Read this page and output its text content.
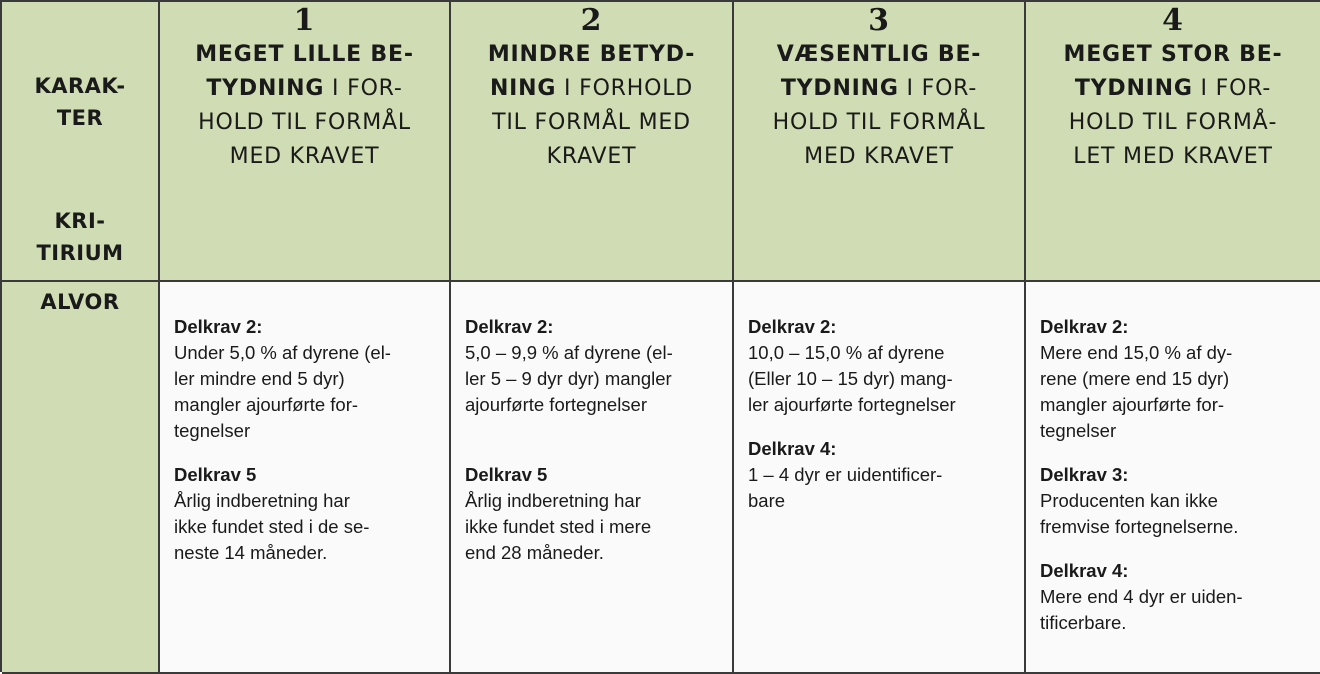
KARAK-
TER
KRI-
TIRIUM
1
MEGET LILLE BE-
TYDNING I FOR-
HOLD TIL FORMÅL
MED KRAVET
2
MINDRE BETYD-
NING I FORHOLD
TIL FORMÅL MED
KRAVET
3
VÆSENTLIG BE-
TYDNING I FOR-
HOLD TIL FORMÅL
MED KRAVET
4
MEGET STOR BE-
TYDNING I FOR-
HOLD TIL FORMÅ-
LET MED KRAVET
ALVOR
Delkrav 2:
Under 5,0 % af dyrene (el-
ler mindre end 5 dyr)
mangler ajourførte for-
tegnelser
Delkrav 5
Årlig indberetning har
ikke fundet sted i de se-
neste 14 måneder.
Delkrav 2:
5,0 – 9,9 % af dyrene (el-
ler 5 – 9 dyr dyr) mangler
ajourførte fortegnelser
Delkrav 5
Årlig indberetning har
ikke fundet sted i mere
end 28 måneder.
Delkrav 2:
10,0 – 15,0 % af dyrene
(Eller 10 – 15 dyr) mang-
ler ajourførte fortegnelser
Delkrav 4:
1 – 4 dyr er uidentificer-
bare
Delkrav 2:
Mere end 15,0 % af dy-
rene (mere end 15 dyr)
mangler ajourførte for-
tegnelser
Delkrav 3:
Producenten kan ikke
fremvise fortegnelserne.
Delkrav 4:
Mere end 4 dyr er uiden-
tificerbare.
